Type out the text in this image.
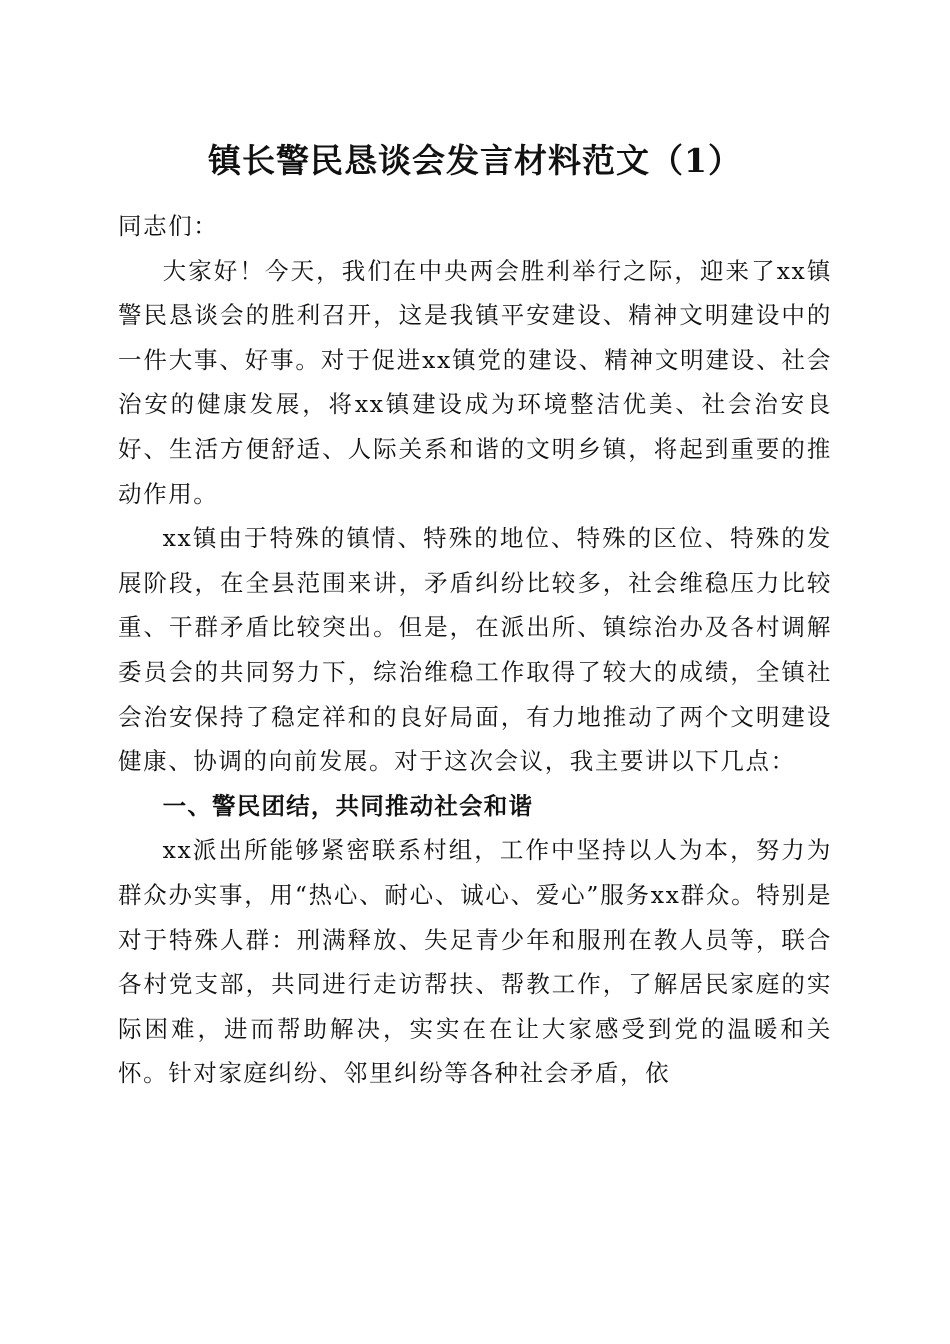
镇长警民恳谈会发言材料范文（1）

同志们：

大家好！今天，我们在中央两会胜利举行之际，迎来了xx镇警民恳谈会的胜利召开，这是我镇平安建设、精神文明建设中的一件大事、好事。对于促进xx镇党的建设、精神文明建设、社会治安的健康发展，将xx镇建设成为环境整洁优美、社会治安良好、生活方便舒适、人际关系和谐的文明乡镇，将起到重要的推动作用。

xx镇由于特殊的镇情、特殊的地位、特殊的区位、特殊的发展阶段，在全县范围来讲，矛盾纠纷比较多，社会维稳压力比较重、干群矛盾比较突出。但是，在派出所、镇综治办及各村调解委员会的共同努力下，综治维稳工作取得了较大的成绩，全镇社会治安保持了稳定祥和的良好局面，有力地推动了两个文明建设健康、协调的向前发展。对于这次会议，我主要讲以下几点：

一、警民团结，共同推动社会和谐

xx派出所能够紧密联系村组，工作中坚持以人为本，努力为群众办实事，用“热心、耐心、诚心、爱心”服务xx群众。特别是对于特殊人群：刑满释放、失足青少年和服刑在教人员等，联合各村党支部，共同进行走访帮扶、帮教工作，了解居民家庭的实际困难，进而帮助解决，实实在在让大家感受到党的温暖和关怀。针对家庭纠纷、邻里纠纷等各种社会矛盾，依
